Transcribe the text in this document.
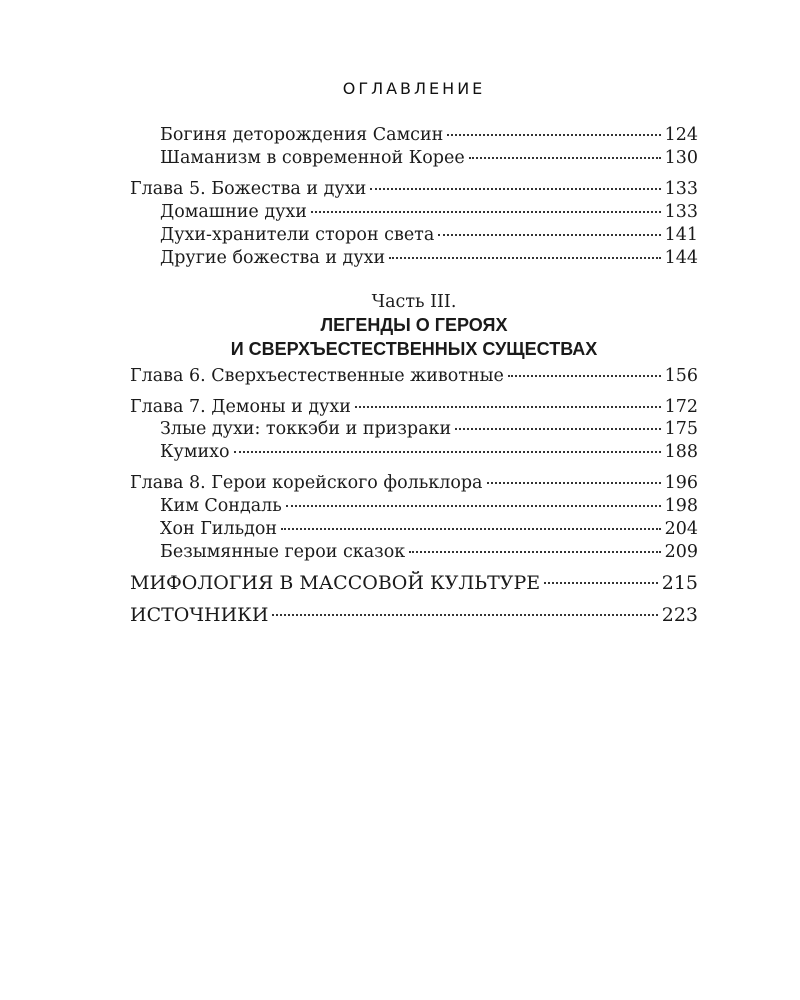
ОГЛАВЛЕНИЕ
Богиня деторождения Самсин	124
Шаманизм в современной Корее	130
Глава 5. Божества и духи	133
Домашние духи	133
Духи-хранители сторон света	141
Другие божества и духи	144
Часть III.
ЛЕГЕНДЫ О ГЕРОЯХ
И СВЕРХЪЕСТЕСТВЕННЫХ СУЩЕСТВАХ
Глава 6. Сверхъестественные животные	156
Глава 7. Демоны и духи	172
Злые духи: токкэби и призраки	175
Кумихо	188
Глава 8. Герои корейского фольклора	196
Ким Сондаль	198
Хон Гильдон	204
Безымянные герои сказок	209
МИФОЛОГИЯ В МАССОВОЙ КУЛЬТУРЕ	215
ИСТОЧНИКИ	223
